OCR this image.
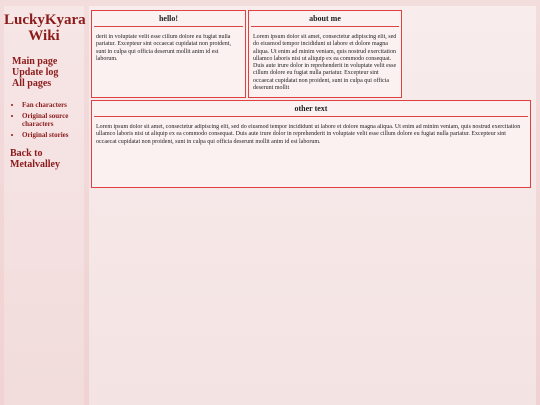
LuckyKyara
Wiki
Main page
Update log
All pages
• Fan characters
• Original source characters
• Original stories
Back to
Metalvalley
hello!

derit in voluptate velit esse cillum dolore eu fugiat nulla pariatur. Excepteur sint occaecat cupidatat non proident, sunt in culpa qui officia deserunt mollit anim id est laborum.

about me

Lorem ipsum dolor sit amet, consectetur adipiscing elit, sed do eiusmod tempor incididunt ut labore et dolore magna aliqua. Ut enim ad minim veniam, quis nostrud exercitation ullamco laboris nisi ut aliquip ex ea commodo consequat. Duis aute irure dolor in reprehenderit in voluptate velit esse cillum dolore eu fugiat nulla pariatur. Excepteur sint occaecat cupidatat non proident, sunt in culpa qui officia deserunt mollit

other text

Lorem ipsum dolor sit amet, consectetur adipiscing elit, sed do eiusmod tempor incididunt ut labore et dolore magna aliqua. Ut enim ad minim veniam, quis nostrud exercitation ullamco laboris nisi ut aliquip ex ea commodo consequat. Duis aute irure dolor in reprehenderit in voluptate velit esse cillum dolore eu fugiat nulla pariatur. Excepteur sint occaecat cupidatat non proident, sunt in culpa qui officia deserunt mollit anim id est laborum.
